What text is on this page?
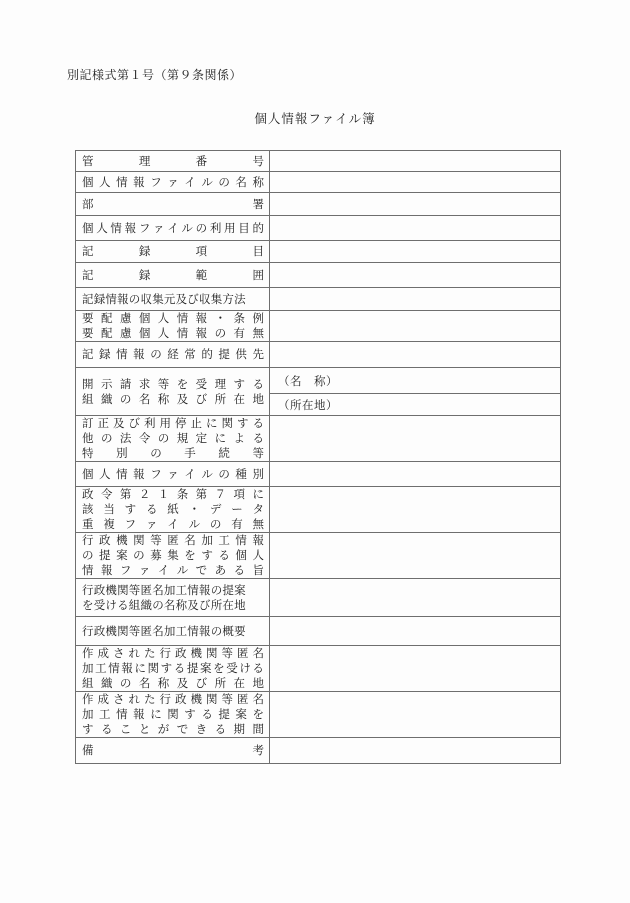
別記様式第１号（第９条関係）
個人情報ファイル簿
管 理 番 号	

個 人 情 報 フ ァ イ ル の 名 称

部 署	

個 人 情 報 フ ァ イ ル の 利 用 目 的

記 録 項 目	

記 録 範 囲	

記録情報の収集元及び収集方法	

要 配 慮 個 人 情 報 ・ 条 例
要 配 慮 個 人 情 報 の 有 無

記 録 情 報 の 経 常 的 提 供 先

開 示 請 求 等 を 受 理 す る
組 織 の 名 称 及 び 所 在 地
	（名　称）
	（所在地）

訂 正 及 び 利 用 停 止 に 関 す る
他 の 法 令 の 規 定 に よ る
特 別 の 手 続 等

個 人 情 報 フ ァ イ ル の 種 別

政 令 第 ２ １ 条 第 ７ 項 に
該 当 す る 紙 ・ デ ー タ
重 複 フ ァ イ ル の 有 無

行 政 機 関 等 匿 名 加 工 情 報
の 提 案 の 募 集 を す る 個 人
情 報 フ ァ イ ル で あ る 旨

行政機関等匿名加工情報の提案
を受ける組織の名称及び所在地	

行政機関等匿名加工情報の概要	

作 成 さ れ た 行 政 機 関 等 匿 名
加 工 情 報 に 関 す る 提 案 を 受 け る
組 織 の 名 称 及 び 所 在 地

作 成 さ れ た 行 政 機 関 等 匿 名
加 工 情 報 に 関 す る 提 案 を
す る こ と が で き る 期 間

備 考	
